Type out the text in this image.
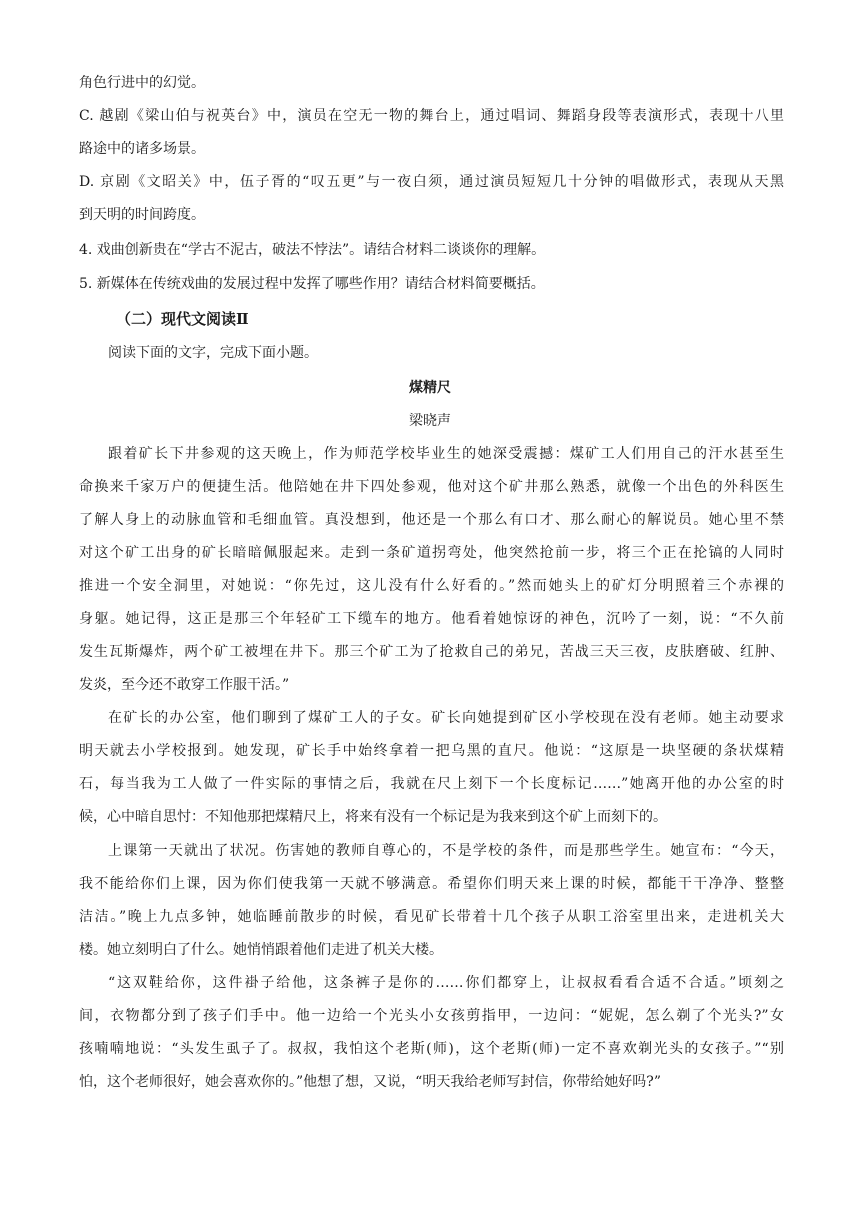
角色行进中的幻觉。
C. 越剧《梁山伯与祝英台》中，演员在空无一物的舞台上，通过唱词、舞蹈身段等表演形式，表现十八里
路途中的诸多场景。
D. 京剧《文昭关》中，伍子胥的“叹五更”与一夜白须，通过演员短短几十分钟的唱做形式，表现从天黑
到天明的时间跨度。
4. 戏曲创新贵在“学古不泥古，破法不悖法”。请结合材料二谈谈你的理解。
5. 新媒体在传统戏曲的发展过程中发挥了哪些作用？请结合材料简要概括。
（二）现代文阅读Ⅱ
阅读下面的文字，完成下面小题。
煤精尺
梁晓声
跟着矿长下井参观的这天晚上，作为师范学校毕业生的她深受震撼：煤矿工人们用自己的汗水甚至生
命换来千家万户的便捷生活。他陪她在井下四处参观，他对这个矿井那么熟悉，就像一个出色的外科医生
了解人身上的动脉血管和毛细血管。真没想到，他还是一个那么有口才、那么耐心的解说员。她心里不禁
对这个矿工出身的矿长暗暗佩服起来。走到一条矿道拐弯处，他突然抢前一步，将三个正在抡镐的人同时
推进一个安全洞里，对她说：“你先过，这儿没有什么好看的。”然而她头上的矿灯分明照着三个赤裸的
身躯。她记得，这正是那三个年轻矿工下缆车的地方。他看着她惊讶的神色，沉吟了一刻，说：“不久前
发生瓦斯爆炸，两个矿工被埋在井下。那三个矿工为了抢救自己的弟兄，苦战三天三夜，皮肤磨破、红肿、
发炎，至今还不敢穿工作服干活。”
在矿长的办公室，他们聊到了煤矿工人的子女。矿长向她提到矿区小学校现在没有老师。她主动要求
明天就去小学校报到。她发现，矿长手中始终拿着一把乌黑的直尺。他说：“这原是一块坚硬的条状煤精
石，每当我为工人做了一件实际的事情之后，我就在尺上刻下一个长度标记……”她离开他的办公室的时
候，心中暗自思忖：不知他那把煤精尺上，将来有没有一个标记是为我来到这个矿上而刻下的。
上课第一天就出了状况。伤害她的教师自尊心的，不是学校的条件，而是那些学生。她宣布：“今天，
我不能给你们上课，因为你们使我第一天就不够满意。希望你们明天来上课的时候，都能干干净净、整整
洁洁。”晚上九点多钟，她临睡前散步的时候，看见矿长带着十几个孩子从职工浴室里出来，走进机关大
楼。她立刻明白了什么。她悄悄跟着他们走进了机关大楼。
“这双鞋给你，这件褂子给他，这条裤子是你的……你们都穿上，让叔叔看看合适不合适。”顷刻之
间，衣物都分到了孩子们手中。他一边给一个光头小女孩剪指甲，一边问：“妮妮，怎么剃了个光头?”女
孩喃喃地说：“头发生虱子了。叔叔，我怕这个老斯(师)，这个老斯(师)一定不喜欢剃光头的女孩子。”“别
怕，这个老师很好，她会喜欢你的。”他想了想，又说，“明天我给老师写封信，你带给她好吗?”
